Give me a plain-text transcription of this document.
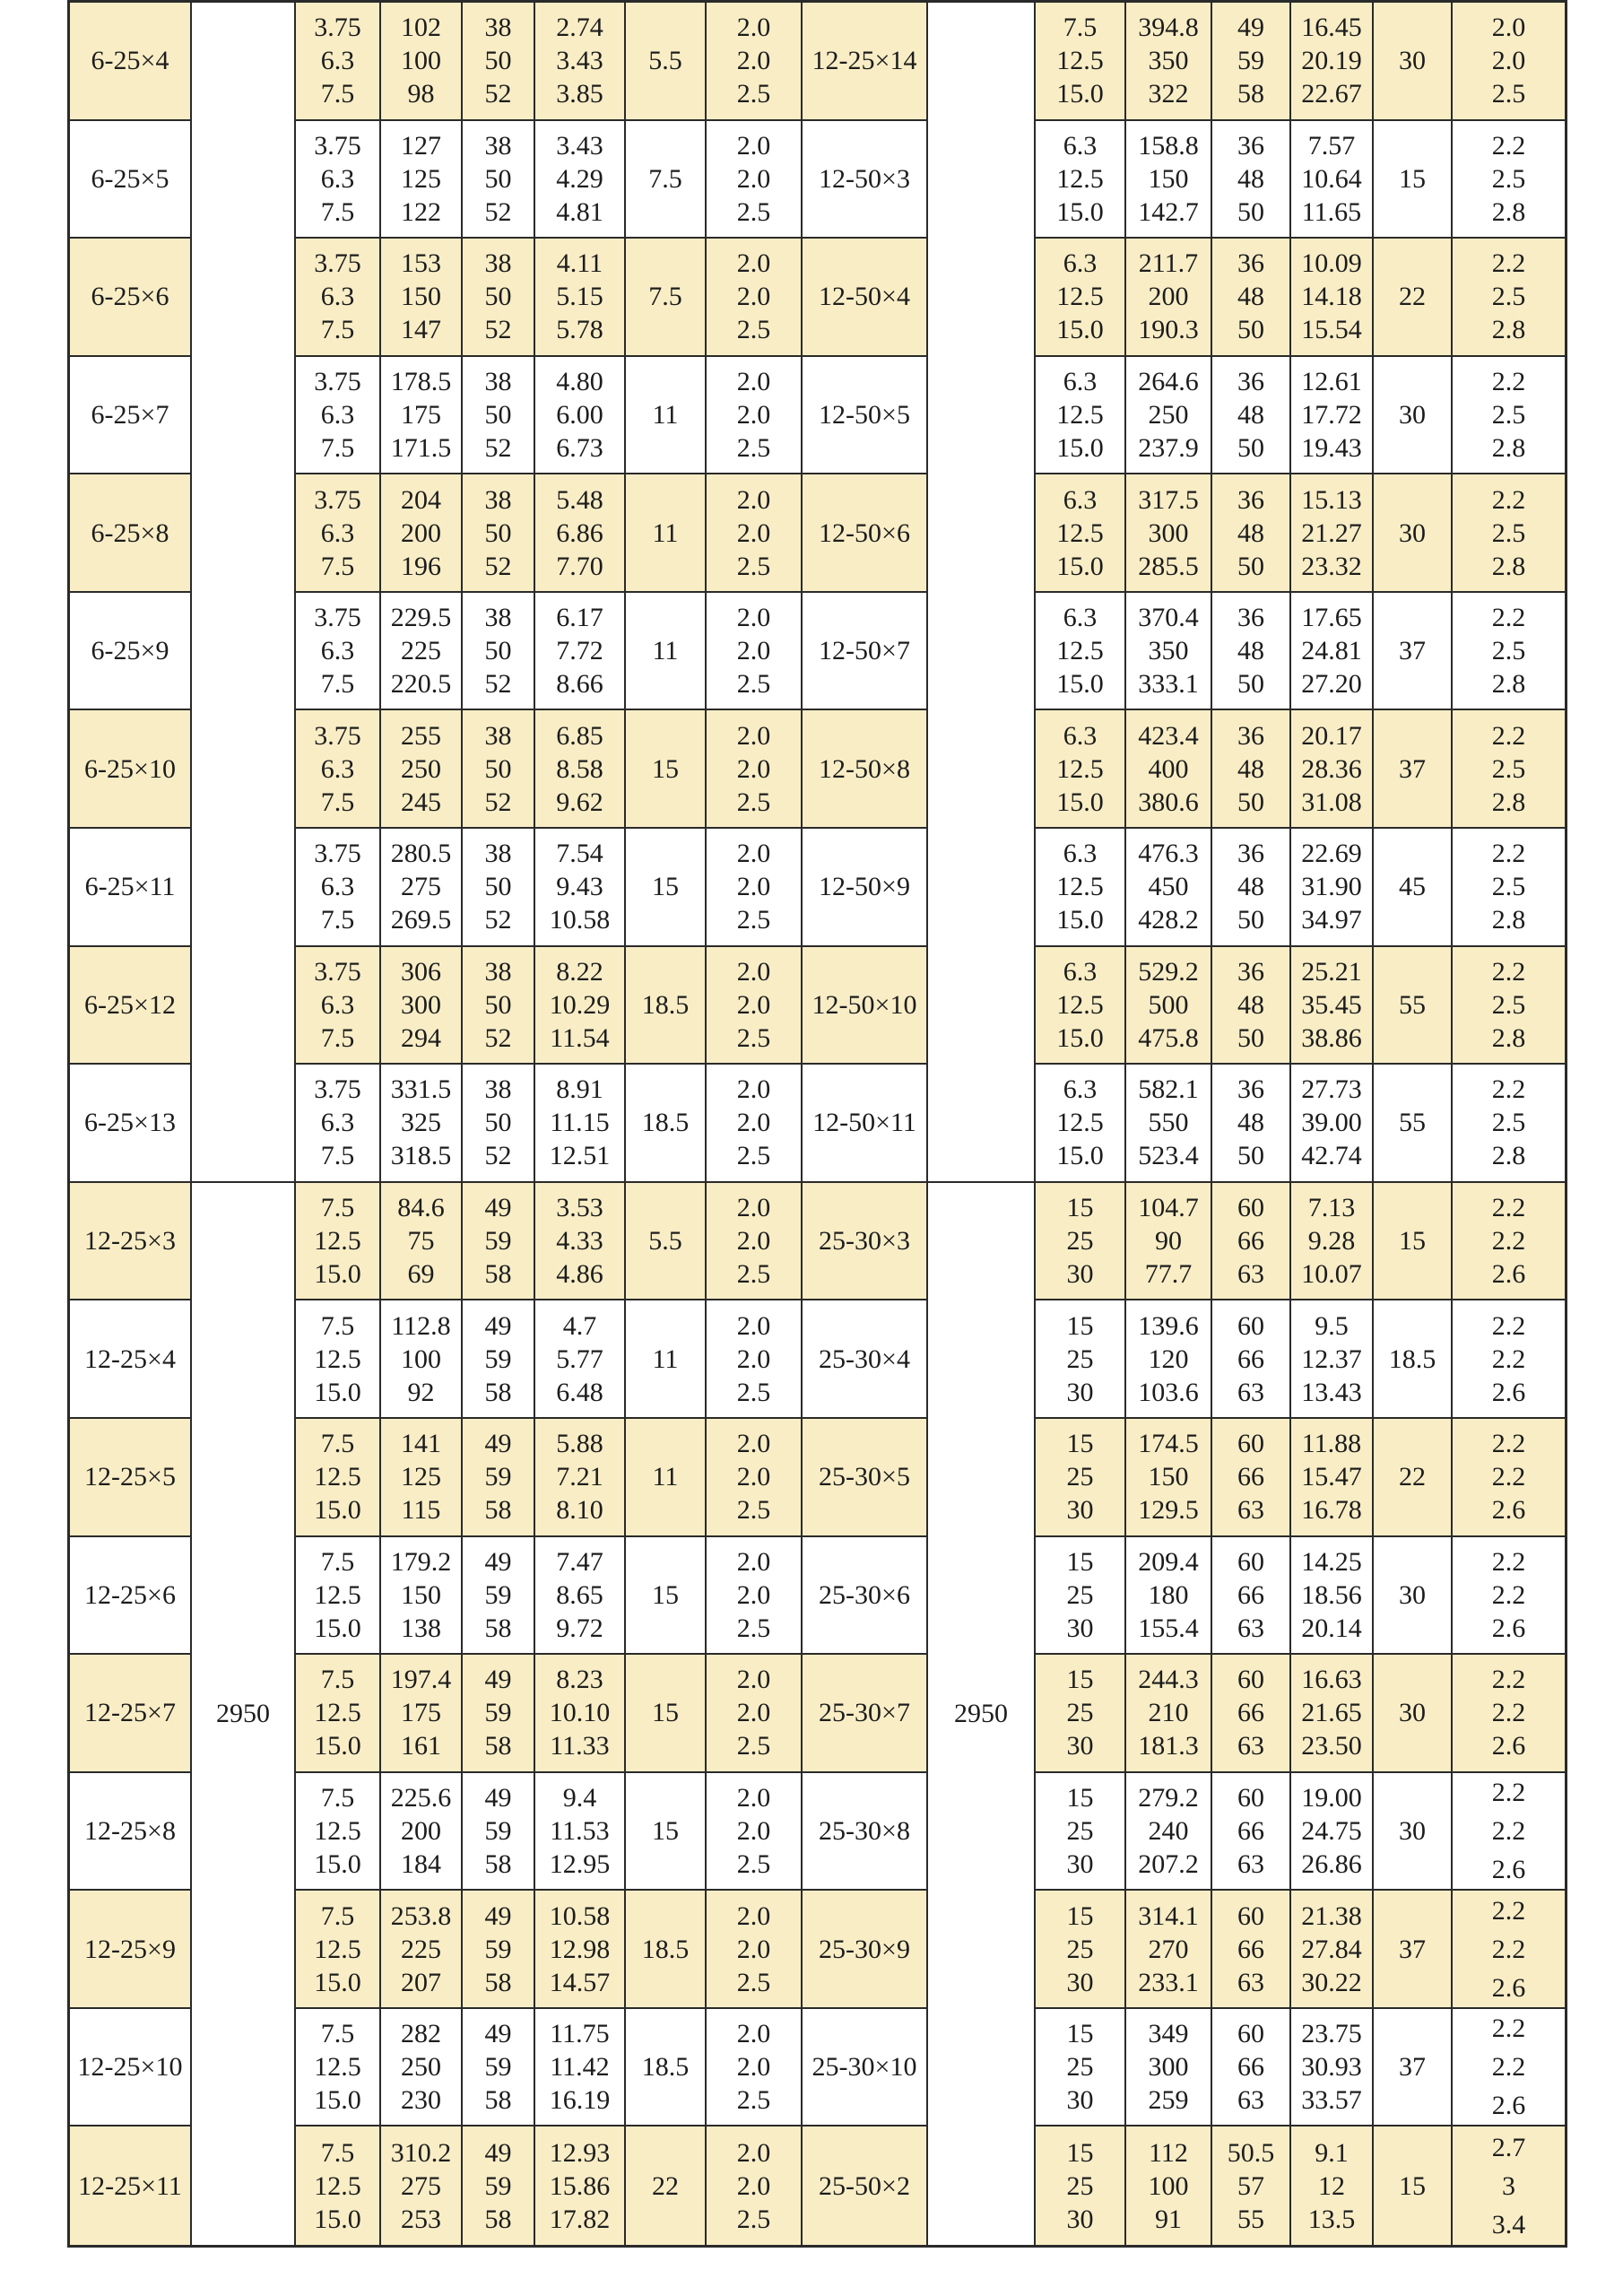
6-25×4
3.75
6.3
7.5
102
100
98
38
50
52
2.74
3.43
3.85
5.5
2.0
2.0
2.5
6-25×5
3.75
6.3
7.5
127
125
122
38
50
52
3.43
4.29
4.81
7.5
2.0
2.0
2.5
6-25×6
3.75
6.3
7.5
153
150
147
38
50
52
4.11
5.15
5.78
7.5
2.0
2.0
2.5
6-25×7
3.75
6.3
7.5
178.5
175
171.5
38
50
52
4.80
6.00
6.73
11
2.0
2.0
2.5
6-25×8
3.75
6.3
7.5
204
200
196
38
50
52
5.48
6.86
7.70
11
2.0
2.0
2.5
6-25×9
3.75
6.3
7.5
229.5
225
220.5
38
50
52
6.17
7.72
8.66
11
2.0
2.0
2.5
6-25×10
3.75
6.3
7.5
255
250
245
38
50
52
6.85
8.58
9.62
15
2.0
2.0
2.5
6-25×11
3.75
6.3
7.5
280.5
275
269.5
38
50
52
7.54
9.43
10.58
15
2.0
2.0
2.5
6-25×12
3.75
6.3
7.5
306
300
294
38
50
52
8.22
10.29
11.54
18.5
2.0
2.0
2.5
6-25×13
3.75
6.3
7.5
331.5
325
318.5
38
50
52
8.91
11.15
12.51
18.5
2.0
2.0
2.5
12-25×3
7.5
12.5
15.0
84.6
75
69
49
59
58
3.53
4.33
4.86
5.5
2.0
2.0
2.5
12-25×4
7.5
12.5
15.0
112.8
100
92
49
59
58
4.7
5.77
6.48
11
2.0
2.0
2.5
12-25×5
7.5
12.5
15.0
141
125
115
49
59
58
5.88
7.21
8.10
11
2.0
2.0
2.5
12-25×6
7.5
12.5
15.0
179.2
150
138
49
59
58
7.47
8.65
9.72
15
2.0
2.0
2.5
12-25×7
7.5
12.5
15.0
197.4
175
161
49
59
58
8.23
10.10
11.33
15
2.0
2.0
2.5
12-25×8
7.5
12.5
15.0
225.6
200
184
49
59
58
9.4
11.53
12.95
15
2.0
2.0
2.5
12-25×9
7.5
12.5
15.0
253.8
225
207
49
59
58
10.58
12.98
14.57
18.5
2.0
2.0
2.5
12-25×10
7.5
12.5
15.0
282
250
230
49
59
58
11.75
11.42
16.19
18.5
2.0
2.0
2.5
12-25×11
7.5
12.5
15.0
310.2
275
253
49
59
58
12.93
15.86
17.82
22
2.0
2.0
2.5
2950
12-25×14
7.5
12.5
15.0
394.8
350
322
49
59
58
16.45
20.19
22.67
30
2.0
2.0
2.5
12-50×3
6.3
12.5
15.0
158.8
150
142.7
36
48
50
7.57
10.64
11.65
15
2.2
2.5
2.8
12-50×4
6.3
12.5
15.0
211.7
200
190.3
36
48
50
10.09
14.18
15.54
22
2.2
2.5
2.8
12-50×5
6.3
12.5
15.0
264.6
250
237.9
36
48
50
12.61
17.72
19.43
30
2.2
2.5
2.8
12-50×6
6.3
12.5
15.0
317.5
300
285.5
36
48
50
15.13
21.27
23.32
30
2.2
2.5
2.8
12-50×7
6.3
12.5
15.0
370.4
350
333.1
36
48
50
17.65
24.81
27.20
37
2.2
2.5
2.8
12-50×8
6.3
12.5
15.0
423.4
400
380.6
36
48
50
20.17
28.36
31.08
37
2.2
2.5
2.8
12-50×9
6.3
12.5
15.0
476.3
450
428.2
36
48
50
22.69
31.90
34.97
45
2.2
2.5
2.8
12-50×10
6.3
12.5
15.0
529.2
500
475.8
36
48
50
25.21
35.45
38.86
55
2.2
2.5
2.8
12-50×11
6.3
12.5
15.0
582.1
550
523.4
36
48
50
27.73
39.00
42.74
55
2.2
2.5
2.8
25-30×3
15
25
30
104.7
90
77.7
60
66
63
7.13
9.28
10.07
15
2.2
2.2
2.6
25-30×4
15
25
30
139.6
120
103.6
60
66
63
9.5
12.37
13.43
18.5
2.2
2.2
2.6
25-30×5
15
25
30
174.5
150
129.5
60
66
63
11.88
15.47
16.78
22
2.2
2.2
2.6
25-30×6
15
25
30
209.4
180
155.4
60
66
63
14.25
18.56
20.14
30
2.2
2.2
2.6
25-30×7
15
25
30
244.3
210
181.3
60
66
63
16.63
21.65
23.50
30
2.2
2.2
2.6
25-30×8
15
25
30
279.2
240
207.2
60
66
63
19.00
24.75
26.86
30
2.2
2.2
2.6
25-30×9
15
25
30
314.1
270
233.1
60
66
63
21.38
27.84
30.22
37
2.2
2.2
2.6
25-30×10
15
25
30
349
300
259
60
66
63
23.75
30.93
33.57
37
2.2
2.2
2.6
25-50×2
15
25
30
112
100
91
50.5
57
55
9.1
12
13.5
15
2.7
3
3.4
2950
